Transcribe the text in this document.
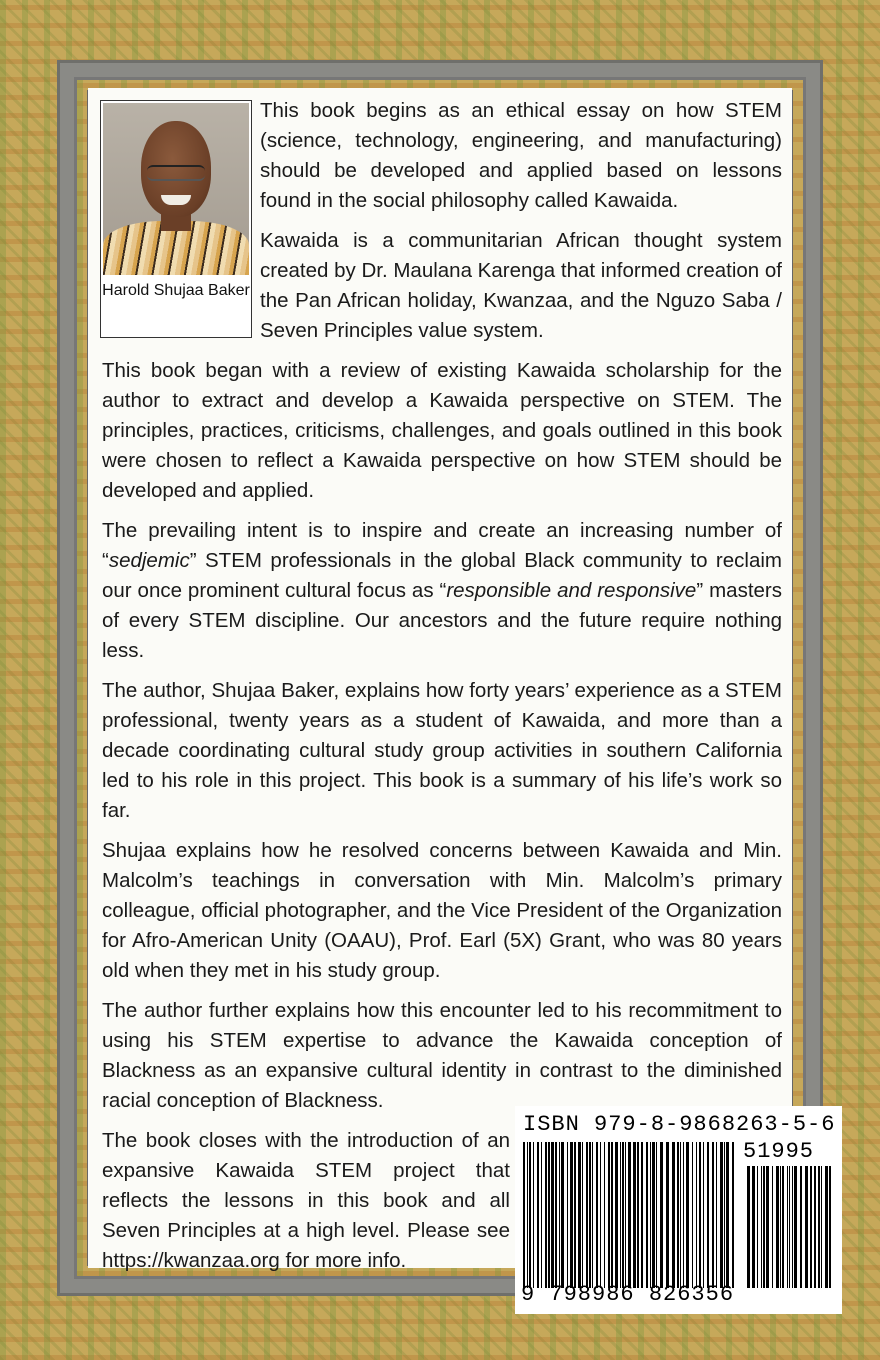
This book begins as an ethical essay on how STEM (science, technology, engineering, and manufacturing) should be developed and applied based on lessons found in the social philosophy called Kawaida.

Kawaida is a communitarian African thought system created by Dr. Maulana Karenga that informed creation of the Pan African holiday, Kwanzaa, and the Nguzo Saba / Seven Principles value system.

This book began with a review of existing Kawaida scholarship for the author to extract and develop a Kawaida perspective on STEM. The principles, practices, criticisms, challenges, and goals outlined in this book were chosen to reflect a Kawaida perspective on how STEM should be developed and applied.

The prevailing intent is to inspire and create an increasing number of “sedjemic” STEM professionals in the global Black community to reclaim our once prominent cultural focus as “responsible and responsive” masters of every STEM discipline. Our ancestors and the future require nothing less.

The author, Shujaa Baker, explains how forty years’ experience as a STEM professional, twenty years as a student of Kawaida, and more than a decade coordinating cultural study group activities in southern California led to his role in this project. This book is a summary of his life’s work so far.

Shujaa explains how he resolved concerns between Kawaida and Min. Malcolm’s teachings in conversation with Min. Malcolm’s primary colleague, official photographer, and the Vice President of the Organization for Afro-American Unity (OAAU), Prof. Earl (5X) Grant, who was 80 years old when they met in his study group.

The author further explains how this encounter led to his recommitment to using his STEM expertise to advance the Kawaida conception of Blackness as an expansive cultural identity in contrast to the diminished racial conception of Blackness.

The book closes with the introduction of an expansive Kawaida STEM project that reflects the lessons in this book and all Seven Principles at a high level. Please see https://kwanzaa.org for more info.

Harold Shujaa Baker
ISBN 979-8-9868263-5-6
51995
9 798986 826356
